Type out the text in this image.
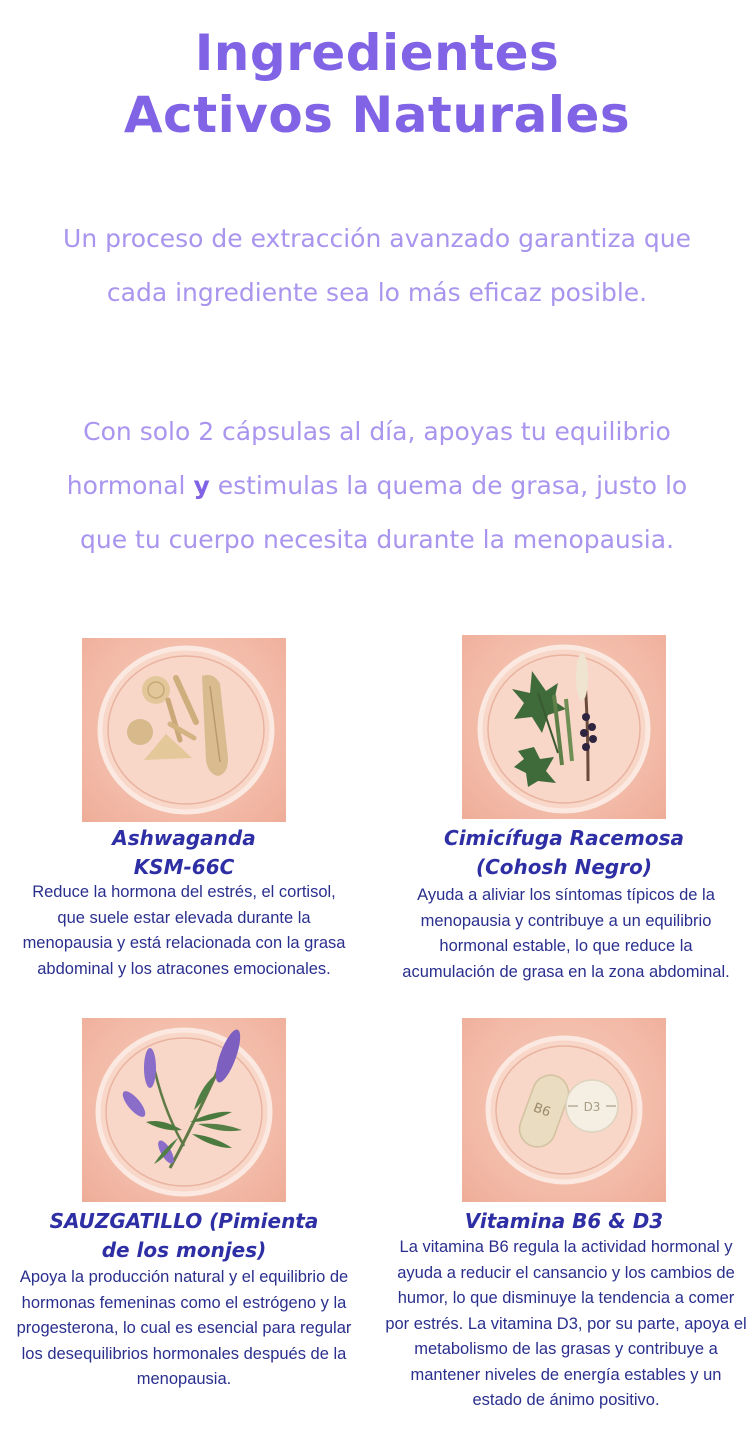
Ingredientes
Activos Naturales
Un proceso de extracción avanzado garantiza que cada ingrediente sea lo más eficaz posible.
Con solo 2 cápsulas al día, apoyas tu equilibrio hormonal y estimulas la quema de grasa, justo lo que tu cuerpo necesita durante la menopausia.
Ashwaganda
KSM-66C
Reduce la hormona del estrés, el cortisol, que suele estar elevada durante la menopausia y está relacionada con la grasa abdominal y los atracones emocionales.
Cimicífuga Racemosa
(Cohosh Negro)
Ayuda a aliviar los síntomas típicos de la menopausia y contribuye a un equilibrio hormonal estable, lo que reduce la acumulación de grasa en la zona abdominal.
SAUZGATILLO (Pimienta
de los monjes)
Apoya la producción natural y el equilibrio de hormonas femeninas como el estrógeno y la progesterona, lo cual es esencial para regular los desequilibrios hormonales después de la menopausia.
B6	D3
Vitamina B6 & D3
La vitamina B6 regula la actividad hormonal y ayuda a reducir el cansancio y los cambios de humor, lo que disminuye la tendencia a comer por estrés. La vitamina D3, por su parte, apoya el metabolismo de las grasas y contribuye a mantener niveles de energía estables y un estado de ánimo positivo.
